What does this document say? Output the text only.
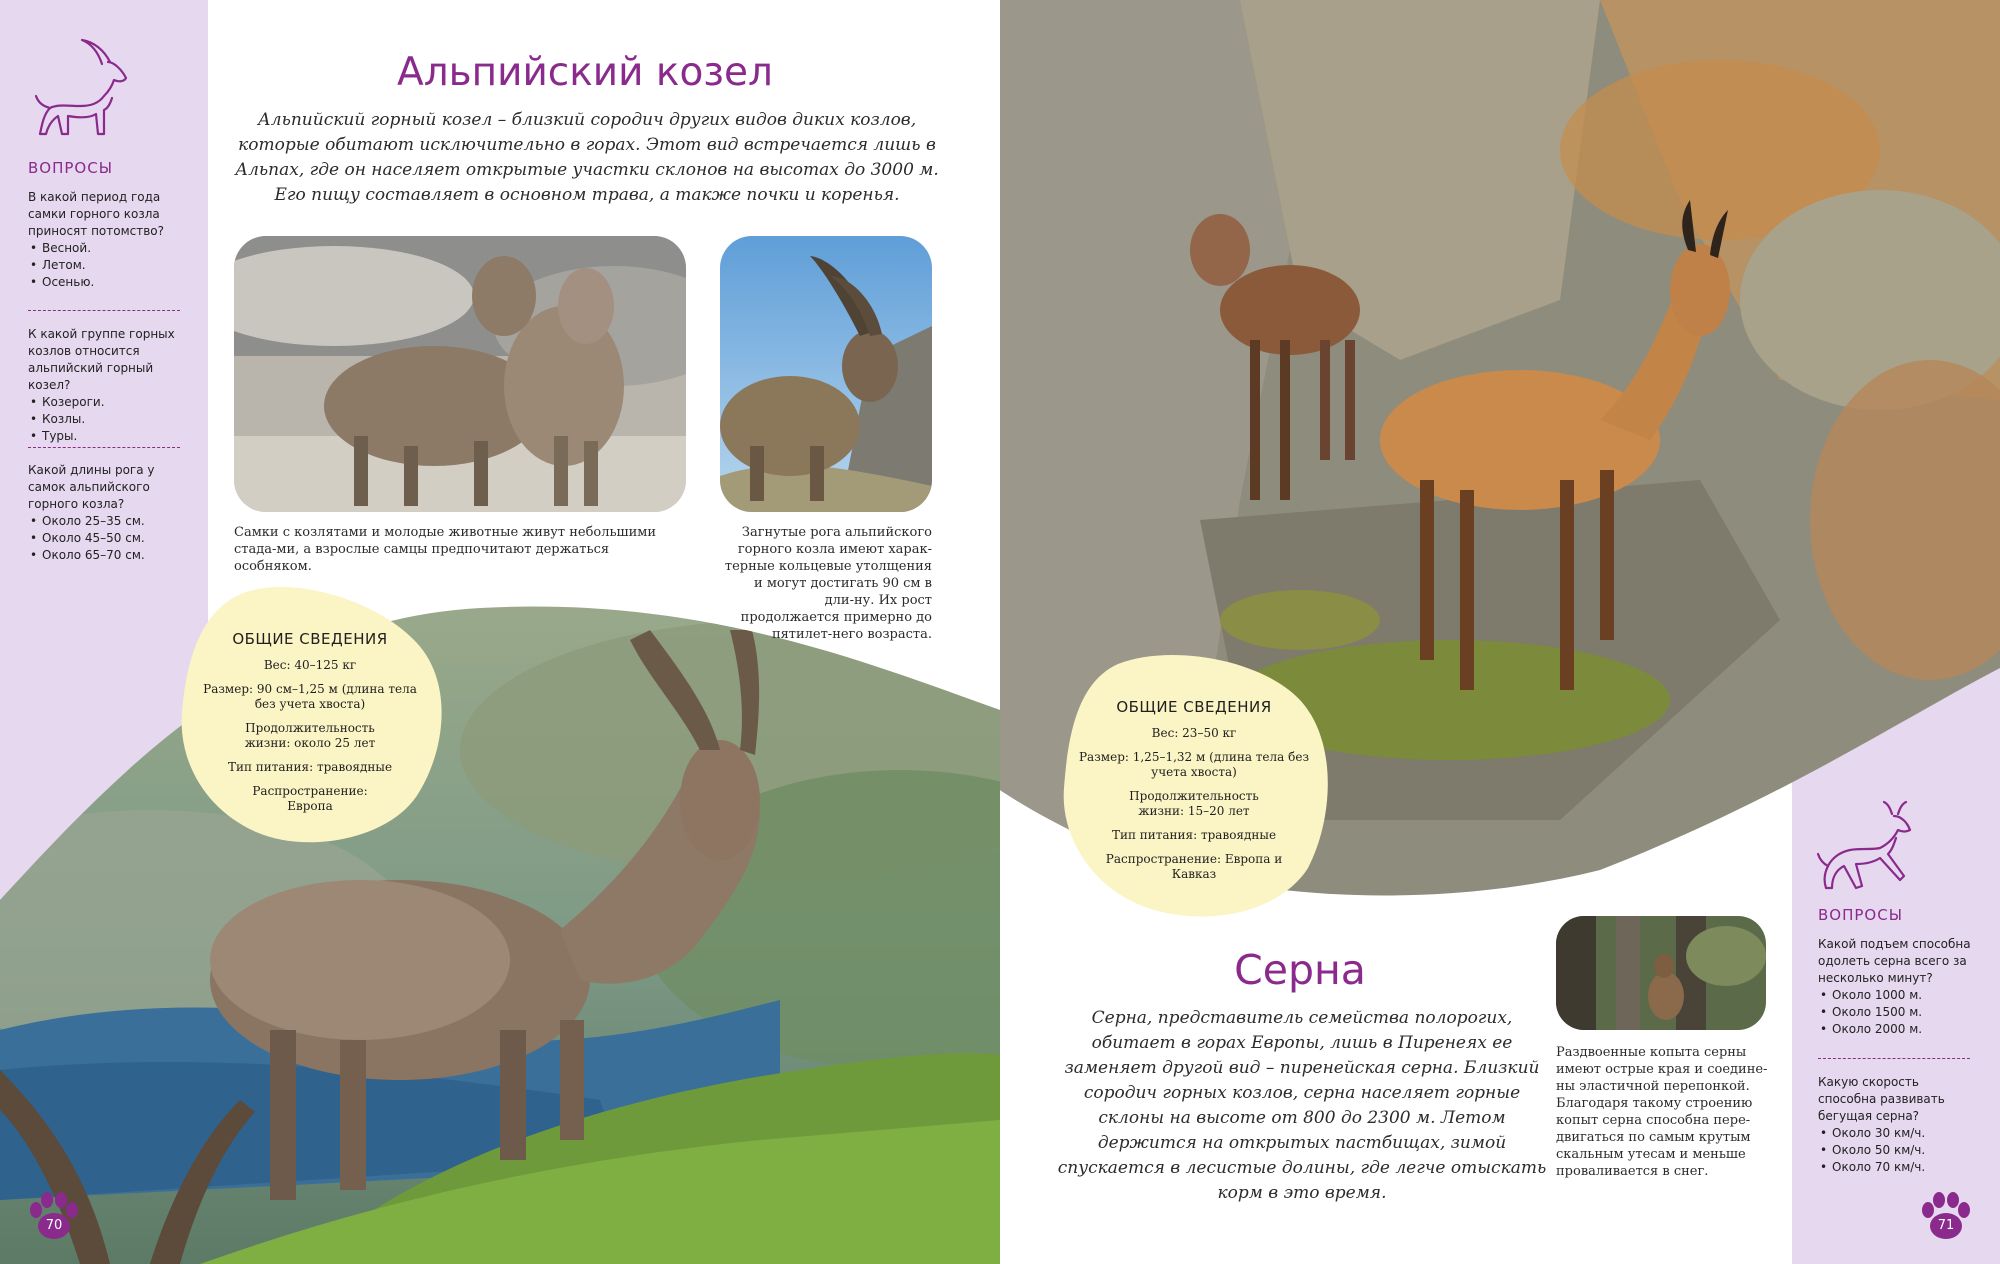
ВОПРОСЫ
В какой период года самки горного козла приносят потомство?
• Весной.
• Летом.
• Осенью.
К какой группе горных козлов относится альпийский горный козел?
• Козероги.
• Козлы.
• Туры.
Какой длины рога у самок альпийского горного козла?
• Около 25–35 см.
• Около 45–50 см.
• Около 65–70 см.
Альпийский козел

Альпийский горный козел – близкий сородич других видов диких козлов, которые обитают исключительно в горах. Этот вид встречается лишь в Альпах, где он населяет открытые участки склонов на высотах до 3000 м. Его пищу составляет в основном трава, а также почки и коренья.

Самки с козлятами и молодые животные живут небольшими стада-ми, а взрослые самцы предпочитают держаться особняком.

Загнутые рога альпийского горного козла имеют харак-терные кольцевые утолщения и могут достигать 90 см в дли-ну. Их рост продолжается примерно до пятилет-него возраста.

ОБЩИЕ СВЕДЕНИЯ
Вес: 40–125 кг
Размер: 90 см–1,25 м (длина тела без учета хвоста)
Продолжительность жизни: около 25 лет
Тип питания: травоядные
Распространение: Европа
70
ОБЩИЕ СВЕДЕНИЯ
Вес: 23–50 кг
Размер: 1,25–1,32 м (длина тела без учета хвоста)
Продолжительность жизни: 15–20 лет
Тип питания: травоядные
Распространение: Европа и Кавказ
ВОПРОСЫ
Какой подъем способна одолеть серна всего за несколько минут?
• Около 1000 м.
• Около 1500 м.
• Около 2000 м.
Какую скорость способна развивать бегущая серна?
• Около 30 км/ч.
• Около 50 км/ч.
• Около 70 км/ч.
Серна

Серна, представитель семейства полорогих, обитает в горах Европы, лишь в Пиренеях ее заменяет другой вид – пиренейская серна. Близкий сородич горных козлов, серна населяет горные склоны на высоте от 800 до 2300 м. Летом держится на открытых пастбищах, зимой спускается в лесистые долины, где легче отыскать корм в это время.

Раздвоенные копыта серны имеют острые края и соедине-ны эластичной перепонкой. Благодаря такому строению копыт серна способна пере-двигаться по самым крутым скальным утесам и меньше проваливается в снег.

71
